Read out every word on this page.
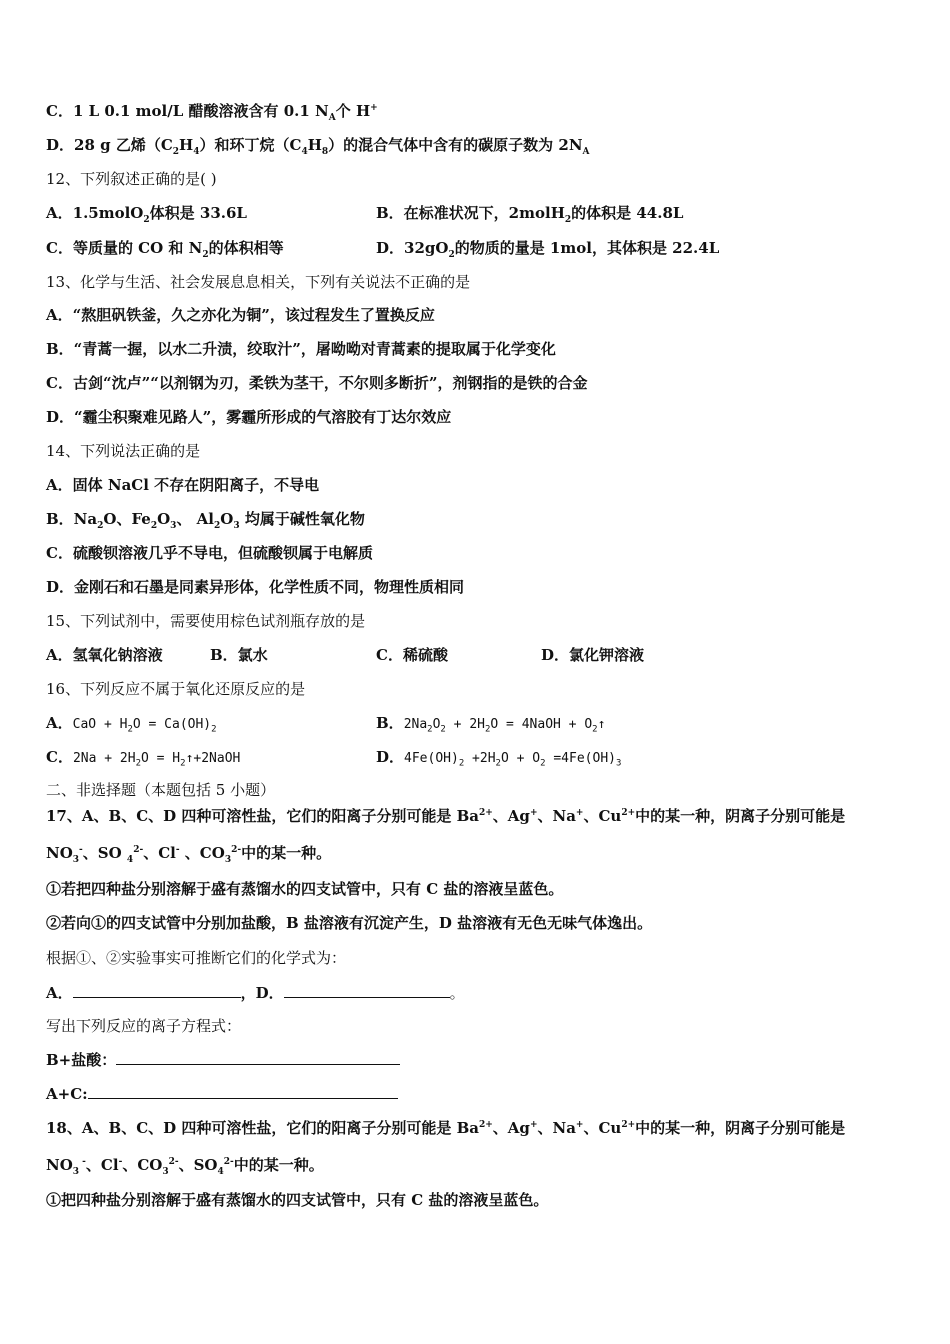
C．1 L 0.1 mol/L 醋酸溶液含有 0.1 $N_A$个 H+
D．28 g 乙烯$(C_2H_4)$和环丁烷$(C_4H_8)$的混合气体中含有的碳原子数为 $2N_A$
12、下列叙述正确的是( )
A．1.5molO$_2$体积是 33.6L	B．在标准状况下，2molH$_2$的体积是 44.8L
C．等质量的 CO 和 $N_2$的体积相等	D．$32gO_2$的物质的量是 1mol，其体积是 22.4L
13、化学与生活、社会发展息息相关，下列有关说法不正确的是
A．“熬胆矾铁釜，久之亦化为铜”，该过程发生了置换反应
B．“青蒿一握，以水二升渍，绞取汁”，屠呦呦对青蒿素的提取属于化学变化
C．古剑“沈卢”“以剂钢为刃，柔铁为茎干，不尔则多断折”，剂钢指的是铁的合金
D．“霾尘积聚难见路人”，雾霾所形成的气溶胶有丁达尔效应
14、下列说法正确的是
A．固体 NaCl 不存在阴阳离子，不导电
B．$Na_2O$、$Fe_2O_3$、 $Al_2O_3$ 均属于碱性氧化物
C．硫酸钡溶液几乎不导电，但硫酸钡属于电解质
D．金刚石和石墨是同素异形体，化学性质不同，物理性质相同
15、下列试剂中，需要使用棕色试剂瓶存放的是
A．氢氧化钠溶液	B．氯水	C．稀硫酸	D．氯化钾溶液
16、下列反应不属于氧化还原反应的是
A．CaO + $H_2O = Ca(OH)_2$	B．$2Na_2O_2 + 2H_2O$ = 4NaOH + $O_2↑$
C．$2Na + 2H_2O$ = $H_2↑+2NaOH$	D．$4Fe(OH)_2 +2H_2O + O_2 =4Fe(OH)_3$
二、非选择题（本题包括 5 小题）
17、A、B、C、D 四种可溶性盐，它们的阳离子分别可能是 $Ba^{2+}$、Ag+、Na+、$Cu^{2+}$中的某一种，阴离子分别可能是
$NO_3^-$、SO $_4^{2-}$、Cl- 、$CO_3^{2-}$中的某一种。
①若把四种盐分别溶解于盛有蒸馏水的四支试管中，只有 C 盐的溶液呈蓝色。
②若向①的四支试管中分别加盐酸，B 盐溶液有沉淀产生，D 盐溶液有无色无味气体逸出。
根据①、②实验事实可推断它们的化学式为：
A．	，D．	。
写出下列反应的离子方程式：
B+盐酸：
A+C:
18、A、B、C、D 四种可溶性盐，它们的阳离子分别可能是 $Ba^{2+}$、Ag+、Na+、$Cu^{2+}$中的某一种，阴离子分别可能是
$NO_3$ -、Cl-、$CO_3^{2-}$、$SO_4^{2-}$中的某一种。
①把四种盐分别溶解于盛有蒸馏水的四支试管中，只有 C 盐的溶液呈蓝色。
